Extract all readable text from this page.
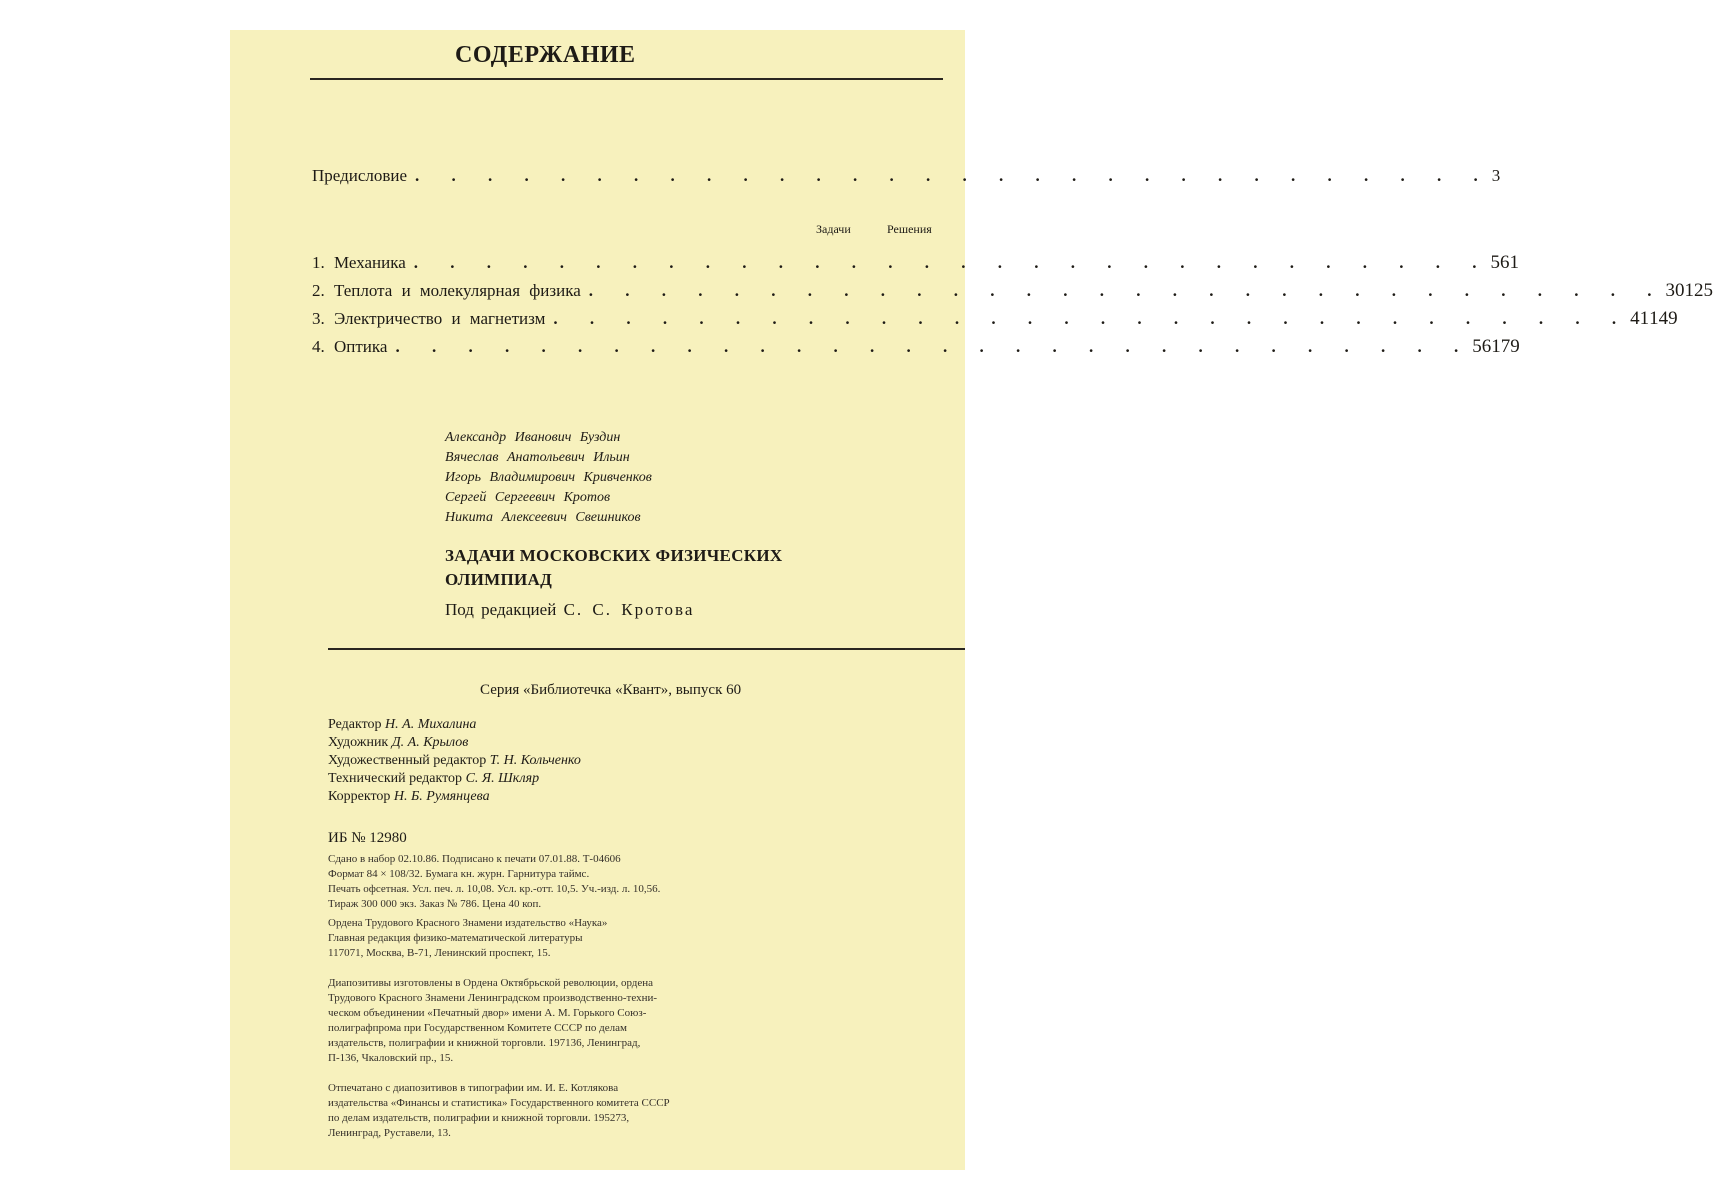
СОДЕРЖАНИЕ
Предисловие . . . . . . . . . . . . . . . . . . . . . . . . . . . . . . 3
Задачи	Решения
1. Механика . . . . . . . . . . . . . . . . . . . . . . . . . . . . . . 5 61
2. Теплота и молекулярная физика . . . . . . . . . . . . . . . . . . . . . . . . . . . . . . 30 125
3. Электричество и магнетизм . . . . . . . . . . . . . . . . . . . . . . . . . . . . . . 41 149
4. Оптика . . . . . . . . . . . . . . . . . . . . . . . . . . . . . . 56 179
Александр Иванович Буздин
Вячеслав Анатольевич Ильин
Игорь Владимирович Кривченков
Сергей Сергеевич Кротов
Никита Алексеевич Свешников
ЗАДАЧИ МОСКОВСКИХ ФИЗИЧЕСКИХ
ОЛИМПИАД
Под редакцией С. С. Кротова
Серия «Библиотечка «Квант», выпуск 60
Редактор Н. А. Михалина
Художник Д. А. Крылов
Художественный редактор Т. Н. Кольченко
Технический редактор С. Я. Шкляр
Корректор Н. Б. Румянцева
ИБ № 12980
Сдано в набор 02.10.86. Подписано к печати 07.01.88. Т-04606
Формат 84 × 108/32. Бумага кн. журн. Гарнитура таймс.
Печать офсетная. Усл. печ. л. 10,08. Усл. кр.-отт. 10,5. Уч.-изд. л. 10,56.
Тираж 300 000 экз. Заказ № 786. Цена 40 коп.
Ордена Трудового Красного Знамени издательство «Наука»
Главная редакция физико-математической литературы
117071, Москва, В-71, Ленинский проспект, 15.
Диапозитивы изготовлены в Ордена Октябрьской революции, ордена
Трудового Красного Знамени Ленинградском производственно-техни-
ческом объединении «Печатный двор» имени А. М. Горького Союз-
полиграфпрома при Государственном Комитете СССР по делам
издательств, полиграфии и книжной торговли. 197136, Ленинград,
П-136, Чкаловский пр., 15.
Отпечатано с диапозитивов в типографии им. И. Е. Котлякова
издательства «Финансы и статистика» Государственного комитета СССР
по делам издательств, полиграфии и книжной торговли. 195273,
Ленинград, Руставели, 13.
